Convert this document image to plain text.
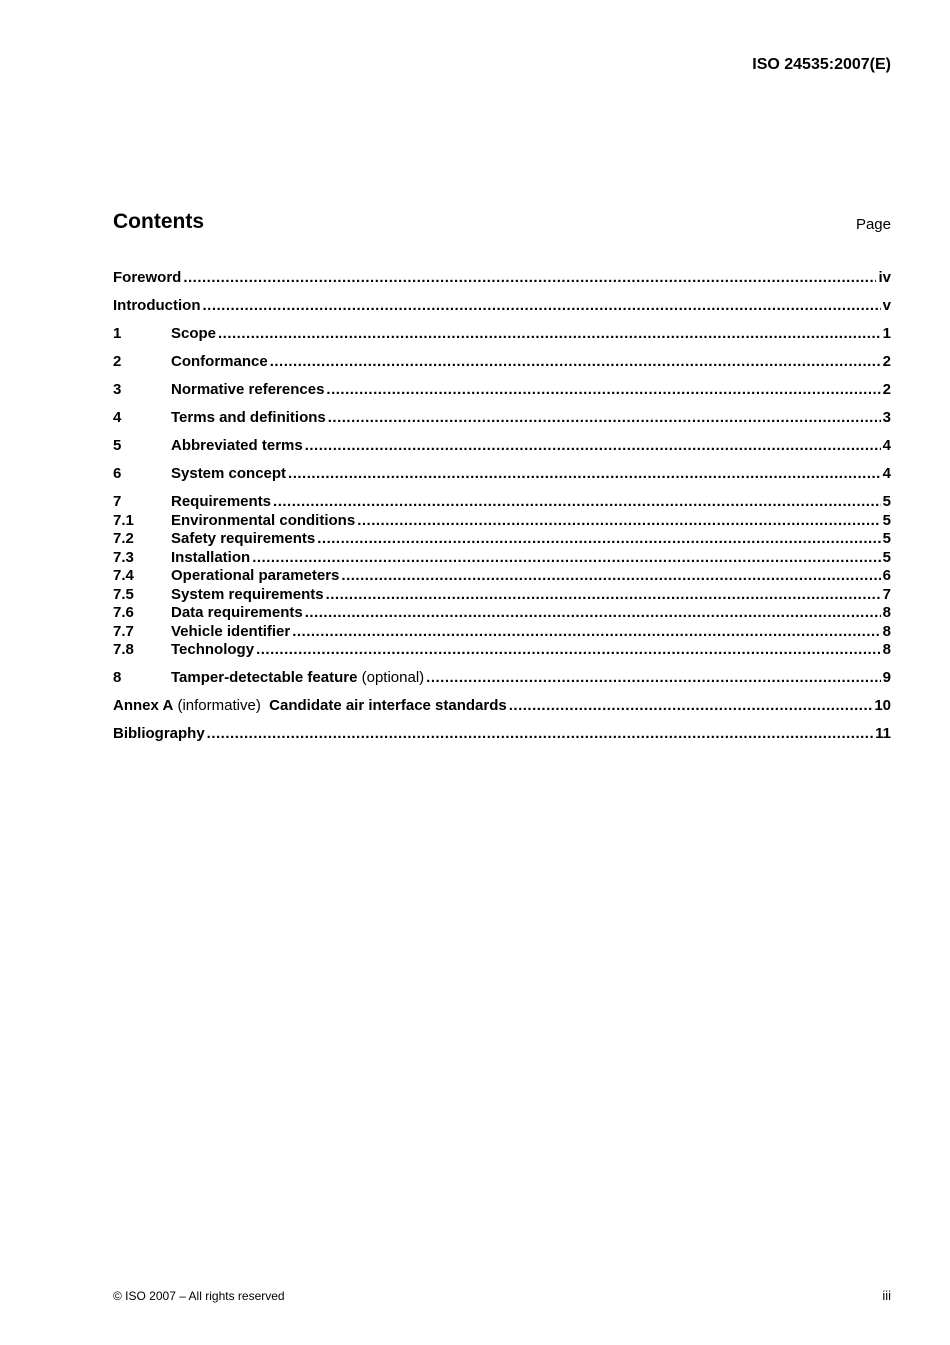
ISO 24535:2007(E)
Contents	Page
Foreword .....	iv
Introduction .....	v
1	Scope .....	1
2	Conformance .....	2
3	Normative references .....	2
4	Terms and definitions .....	3
5	Abbreviated terms .....	4
6	System concept .....	4
7	Requirements .....	5
7.1	Environmental conditions .....	5
7.2	Safety requirements .....	5
7.3	Installation .....	5
7.4	Operational parameters .....	6
7.5	System requirements .....	7
7.6	Data requirements .....	8
7.7	Vehicle identifier .....	8
7.8	Technology .....	8
8	Tamper-detectable feature (optional) .....	9
Annex A (informative)  Candidate air interface standards .....	10
Bibliography .....	11
© ISO 2007 – All rights reserved	iii
